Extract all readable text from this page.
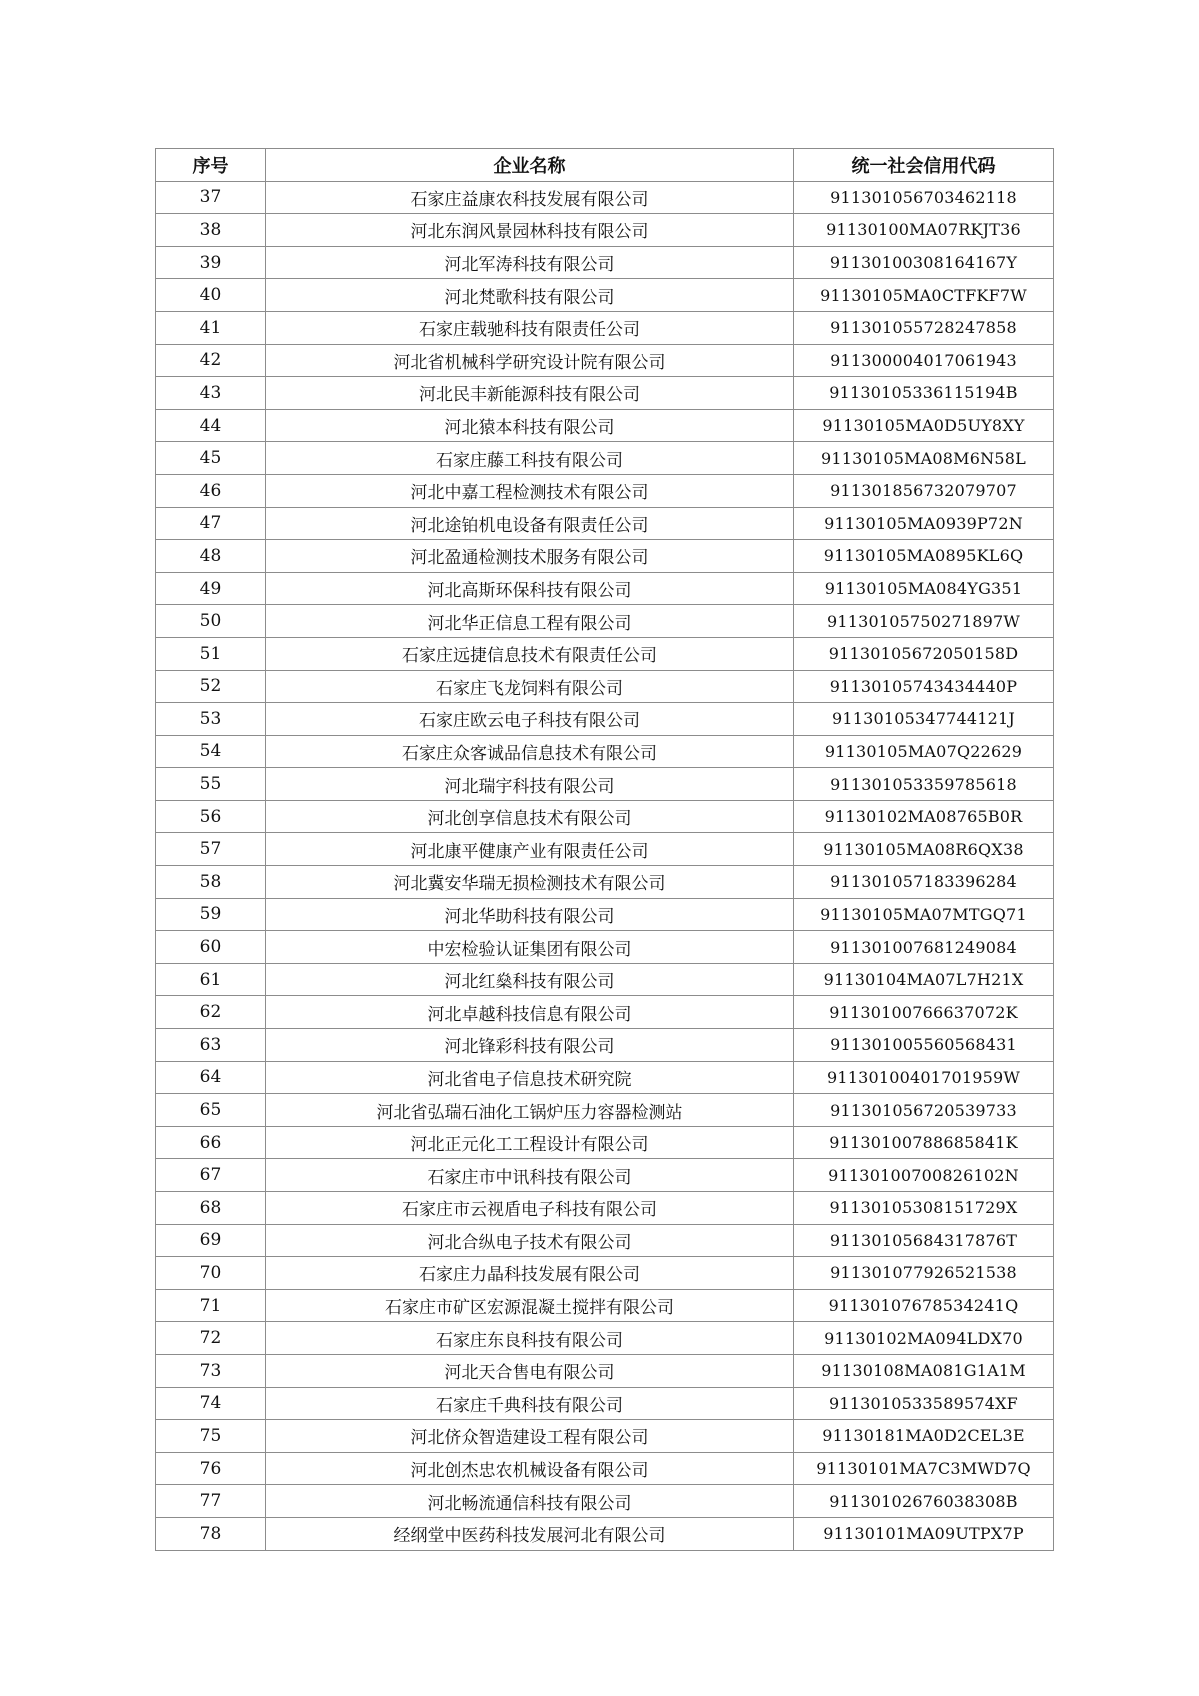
序号	企业名称	统一社会信用代码
37	石家庄益康农科技发展有限公司	911301056703462118
38	河北东润风景园林科技有限公司	91130100MA07RKJT36
39	河北军涛科技有限公司	91130100308164167Y
40	河北梵歌科技有限公司	91130105MA0CTFKF7W
41	石家庄载驰科技有限责任公司	911301055728247858
42	河北省机械科学研究设计院有限公司	911300004017061943
43	河北民丰新能源科技有限公司	91130105336115194B
44	河北猿本科技有限公司	91130105MA0D5UY8XY
45	石家庄藤工科技有限公司	91130105MA08M6N58L
46	河北中嘉工程检测技术有限公司	911301856732079707
47	河北途铂机电设备有限责任公司	91130105MA0939P72N
48	河北盈通检测技术服务有限公司	91130105MA0895KL6Q
49	河北高斯环保科技有限公司	91130105MA084YG351
50	河北华正信息工程有限公司	91130105750271897W
51	石家庄远捷信息技术有限责任公司	91130105672050158D
52	石家庄飞龙饲料有限公司	91130105743434440P
53	石家庄欧云电子科技有限公司	91130105347744121J
54	石家庄众客诚品信息技术有限公司	91130105MA07Q22629
55	河北瑞宇科技有限公司	911301053359785618
56	河北创享信息技术有限公司	91130102MA08765B0R
57	河北康平健康产业有限责任公司	91130105MA08R6QX38
58	河北冀安华瑞无损检测技术有限公司	911301057183396284
59	河北华助科技有限公司	91130105MA07MTGQ71
60	中宏检验认证集团有限公司	911301007681249084
61	河北红燊科技有限公司	91130104MA07L7H21X
62	河北卓越科技信息有限公司	91130100766637072K
63	河北锋彩科技有限公司	911301005560568431
64	河北省电子信息技术研究院	91130100401701959W
65	河北省弘瑞石油化工锅炉压力容器检测站	911301056720539733
66	河北正元化工工程设计有限公司	91130100788685841K
67	石家庄市中讯科技有限公司	91130100700826102N
68	石家庄市云视盾电子科技有限公司	91130105308151729X
69	河北合纵电子技术有限公司	91130105684317876T
70	石家庄力晶科技发展有限公司	911301077926521538
71	石家庄市矿区宏源混凝土搅拌有限公司	91130107678534241Q
72	石家庄东良科技有限公司	91130102MA094LDX70
73	河北天合售电有限公司	91130108MA081G1A1M
74	石家庄千典科技有限公司	9113010533589574XF
75	河北侪众智造建设工程有限公司	91130181MA0D2CEL3E
76	河北创杰忠农机械设备有限公司	91130101MA7C3MWD7Q
77	河北畅流通信科技有限公司	91130102676038308B
78	经纲堂中医药科技发展河北有限公司	91130101MA09UTPX7P
